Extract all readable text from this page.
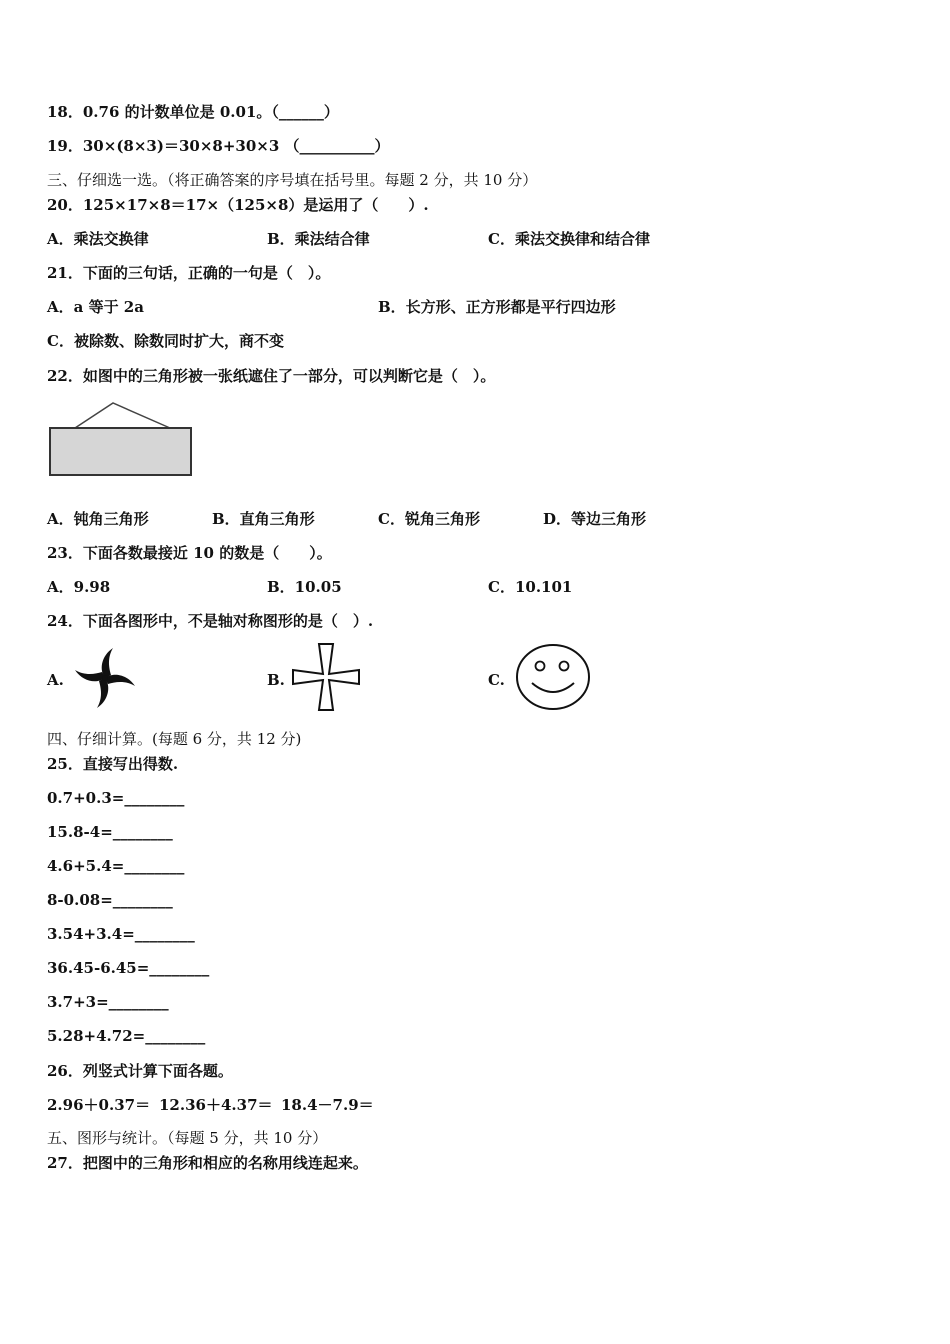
18．0.76 的计数单位是 0.01。（______）
19．30×(8×3)＝30×8+30×3 （__________）
三、仔细选一选。（将正确答案的序号填在括号里。每题 2 分，共 10 分）
20．125×17×8＝17×（125×8）是运用了（　　）.
A．乘法交换律	B．乘法结合律	C．乘法交换律和结合律
21．下面的三句话，正确的一句是（　）。
A．a 等于 2a	B．长方形、正方形都是平行四边形
C．被除数、除数同时扩大，商不变
22．如图中的三角形被一张纸遮住了一部分，可以判断它是（　）。
A．钝角三角形	B．直角三角形	C．锐角三角形	D．等边三角形
23．下面各数最接近 10 的数是（　　）。
A．9.98	B．10.05	C．10.101
24．下面各图形中，不是轴对称图形的是（　）.
A.	B.	C.
四、仔细计算。(每题 6 分，共 12 分)
25．直接写出得数.
0.7+0.3=________
15.8-4=________
4.6+5.4=________
8-0.08=________
3.54+3.4=________
36.45-6.45=________
3.7+3=________
5.28+4.72=________
26．列竖式计算下面各题。
2.96＋0.37＝ 12.36＋4.37＝ 18.4－7.9＝
五、图形与统计。（每题 5 分，共 10 分）
27．把图中的三角形和相应的名称用线连起来。
